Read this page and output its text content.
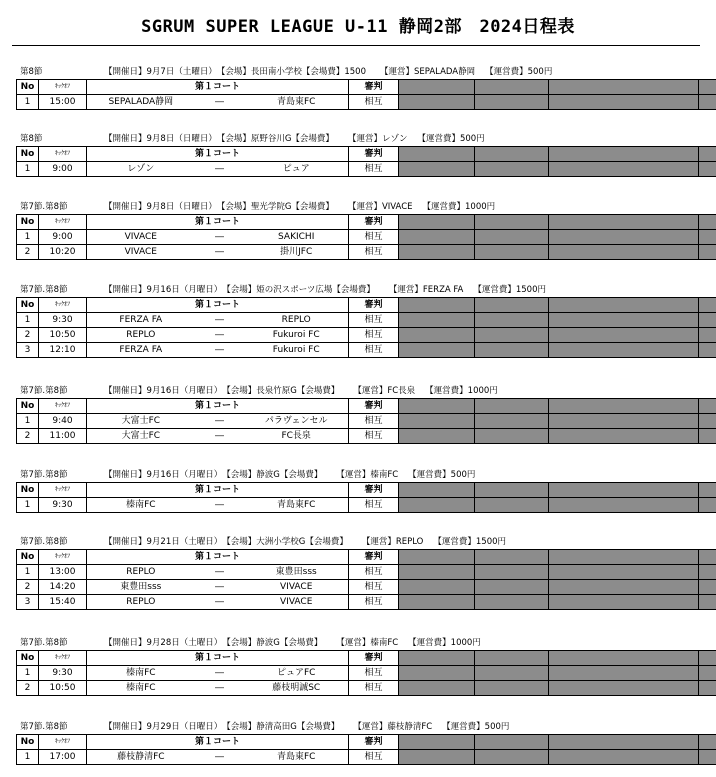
SGRUM SUPER LEAGUE U-11 静岡2部　2024日程表
第8節	【開催日】9月7日（土曜日） 【会場】長田南小学校 【会場費】1500 【運営】SEPALADA静岡 【運営費】500円
No	ｷｯｸｵﾌ	第１コート	審判					
1	15:00	SEPALADA静岡 ― 青島東FC	相互					
第8節	【開催日】9月8日（日曜日） 【会場】原野谷川G 【会場費】 【運営】レゾン 【運営費】500円
No	ｷｯｸｵﾌ	第１コート	審判					
1	9:00	レゾン ― ピュア	相互					
第7節.第8節	【開催日】9月8日（日曜日） 【会場】聖光学院G 【会場費】 【運営】VIVACE 【運営費】1000円
No	ｷｯｸｵﾌ	第１コート	審判					
1	9:00	VIVACE ― SAKICHI	相互					
2	10:20	VIVACE ― 掛川JFC	相互					
第7節.第8節	【開催日】9月16日（月曜日） 【会場】姫の沢スポーツ広場 【会場費】 【運営】FERZA FA 【運営費】1500円
No	ｷｯｸｵﾌ	第１コート	審判					
1	9:30	FERZA FA ― REPLO	相互					
2	10:50	REPLO ― Fukuroi FC	相互					
3	12:10	FERZA FA ― Fukuroi FC	相互					
第7節.第8節	【開催日】9月16日（月曜日） 【会場】長泉竹原G 【会場費】 【運営】FC長泉 【運営費】1000円
No	ｷｯｸｵﾌ	第１コート	審判					
1	9:40	大富士FC ― パラヴェンセル	相互					
2	11:00	大富士FC ― FC長泉	相互					
第7節.第8節	【開催日】9月16日（月曜日） 【会場】静波G 【会場費】 【運営】榛南FC 【運営費】500円
No	ｷｯｸｵﾌ	第１コート	審判					
1	9:30	榛南FC ― 青島東FC	相互					
第7節.第8節	【開催日】9月21日（土曜日） 【会場】大洲小学校G 【会場費】 【運営】REPLO 【運営費】1500円
No	ｷｯｸｵﾌ	第１コート	審判					
1	13:00	REPLO ― 東豊田sss	相互					
2	14:20	東豊田sss ― VIVACE	相互					
3	15:40	REPLO ― VIVACE	相互					
第7節.第8節	【開催日】9月28日（土曜日） 【会場】静波G 【会場費】 【運営】榛南FC 【運営費】1000円
No	ｷｯｸｵﾌ	第１コート	審判					
1	9:30	榛南FC ― ピュアFC	相互					
2	10:50	榛南FC ― 藤枝明誠SC	相互					
第7節.第8節	【開催日】9月29日（日曜日） 【会場】静清高田G 【会場費】 【運営】藤枝静清FC 【運営費】500円
No	ｷｯｸｵﾌ	第１コート	審判					
1	17:00	藤枝静清FC ― 青島東FC	相互					
